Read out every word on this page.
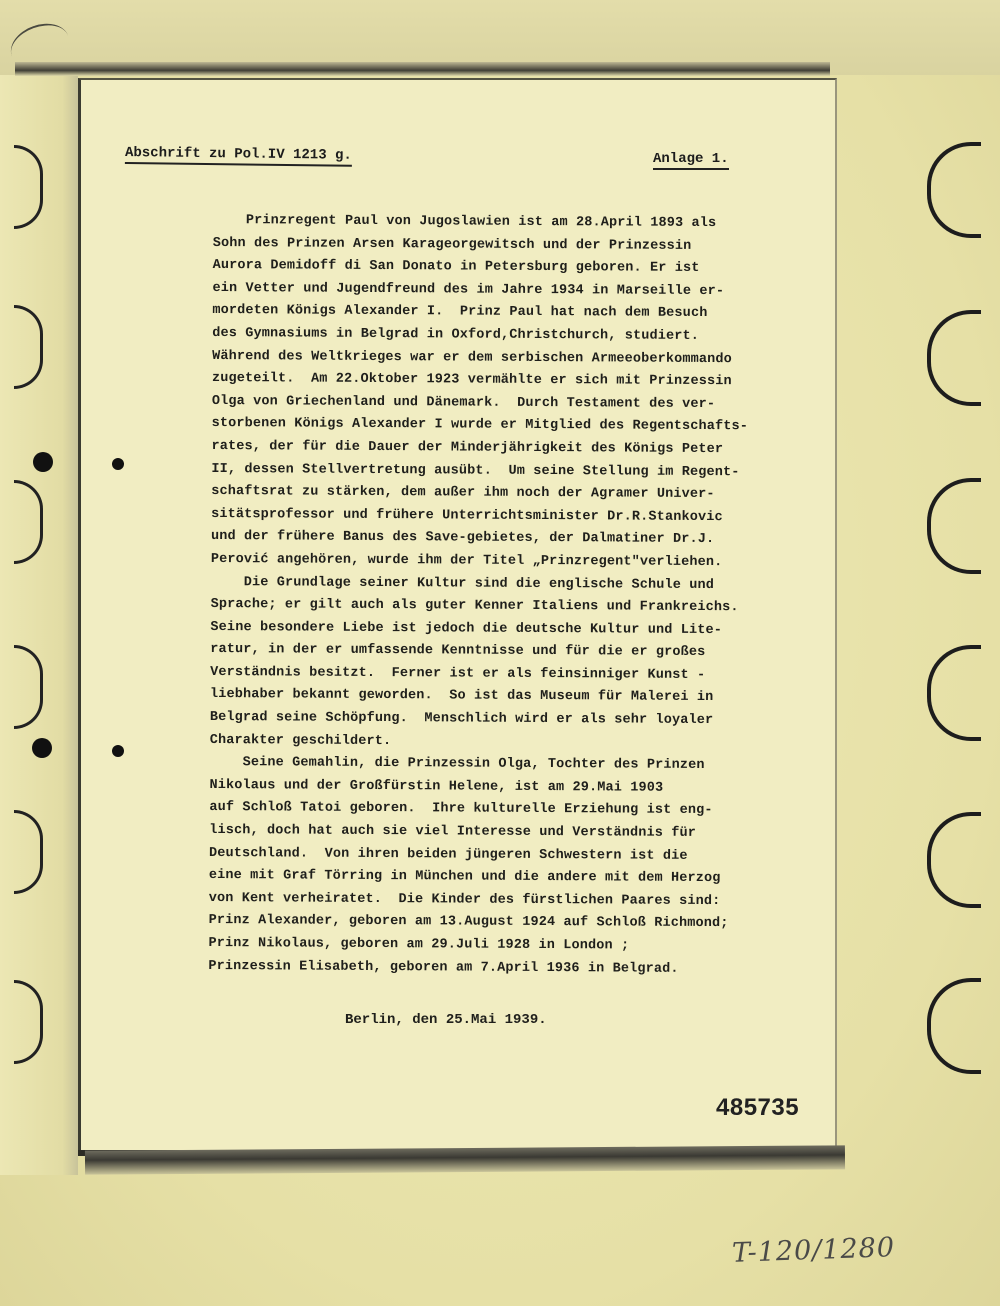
Abschrift zu Pol.IV 1213 g.	Anlage 1.
Prinzregent Paul von Jugoslawien ist am 28.April 1893 als
Sohn des Prinzen Arsen Karageorgewitsch und der Prinzessin
Aurora Demidoff di San Donato in Petersburg geboren. Er ist
ein Vetter und Jugendfreund des im Jahre 1934 in Marseille er-
mordeten Königs Alexander I.  Prinz Paul hat nach dem Besuch
des Gymnasiums in Belgrad in Oxford,Christchurch, studiert.
Während des Weltkrieges war er dem serbischen Armeeoberkommando
zugeteilt.  Am 22.Oktober 1923 vermählte er sich mit Prinzessin
Olga von Griechenland und Dänemark.  Durch Testament des ver-
storbenen Königs Alexander I wurde er Mitglied des Regentschafts-
rates, der für die Dauer der Minderjährigkeit des Königs Peter
II, dessen Stellvertretung ausübt.  Um seine Stellung im Regent-
schaftsrat zu stärken, dem außer ihm noch der Agramer Univer-
sitätsprofessor und frühere Unterrichtsminister Dr.R.Stankovic
und der frühere Banus des Save-gebietes, der Dalmatiner Dr.J.
Perović angehören, wurde ihm der Titel „Prinzregent"verliehen.
Die Grundlage seiner Kultur sind die englische Schule und
Sprache; er gilt auch als guter Kenner Italiens und Frankreichs.
Seine besondere Liebe ist jedoch die deutsche Kultur und Lite-
ratur, in der er umfassende Kenntnisse und für die er großes
Verständnis besitzt.  Ferner ist er als feinsinniger Kunst -
liebhaber bekannt geworden.  So ist das Museum für Malerei in
Belgrad seine Schöpfung.  Menschlich wird er als sehr loyaler
Charakter geschildert.
Seine Gemahlin, die Prinzessin Olga, Tochter des Prinzen
Nikolaus und der Großfürstin Helene, ist am 29.Mai 1903
auf Schloß Tatoi geboren.  Ihre kulturelle Erziehung ist eng-
lisch, doch hat auch sie viel Interesse und Verständnis für
Deutschland.  Von ihren beiden jüngeren Schwestern ist die
eine mit Graf Törring in München und die andere mit dem Herzog
von Kent verheiratet.  Die Kinder des fürstlichen Paares sind:
Prinz Alexander, geboren am 13.August 1924 auf Schloß Richmond;
Prinz Nikolaus, geboren am 29.Juli 1928 in London ;
Prinzessin Elisabeth, geboren am 7.April 1936 in Belgrad.
Berlin, den 25.Mai 1939.
485735
T-120/1280
